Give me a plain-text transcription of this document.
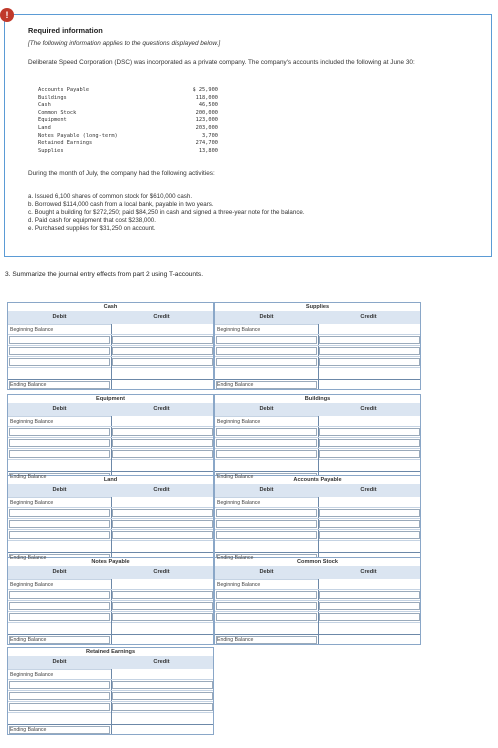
!
Required information
[The following information applies to the questions displayed below.]
Deliberate Speed Corporation (DSC) was incorporated as a private company. The company's accounts included the following at June 30:
Accounts Payable	$ 25,900
Buildings	118,000
Cash	46,500
Common Stock	200,000
Equipment	123,000
Land	203,000
Notes Payable (long-term)	3,700
Retained Earnings	274,700
Supplies	13,800
During the month of July, the company had the following activities:
a. Issued 6,100 shares of common stock for $610,000 cash.
b. Borrowed $114,000 cash from a local bank, payable in two years.
c. Bought a building for $272,250; paid $84,250 in cash and signed a three-year note for the balance.
d. Paid cash for equipment that cost $238,000.
e. Purchased supplies for $31,250 on account.
3. Summarize the journal entry effects from part 2 using T-accounts.
Cash
Debit	Credit
Beginning Balance
Ending Balance
Supplies
Debit	Credit
Beginning Balance
Ending Balance
Equipment
Debit	Credit
Beginning Balance
Ending Balance
Buildings
Debit	Credit
Beginning Balance
Ending Balance
Land
Debit	Credit
Beginning Balance
Ending Balance
Accounts Payable
Debit	Credit
Beginning Balance
Ending Balance
Notes Payable
Debit	Credit
Beginning Balance
Ending Balance
Common Stock
Debit	Credit
Beginning Balance
Ending Balance
Retained Earnings
Debit	Credit
Beginning Balance
Ending Balance
